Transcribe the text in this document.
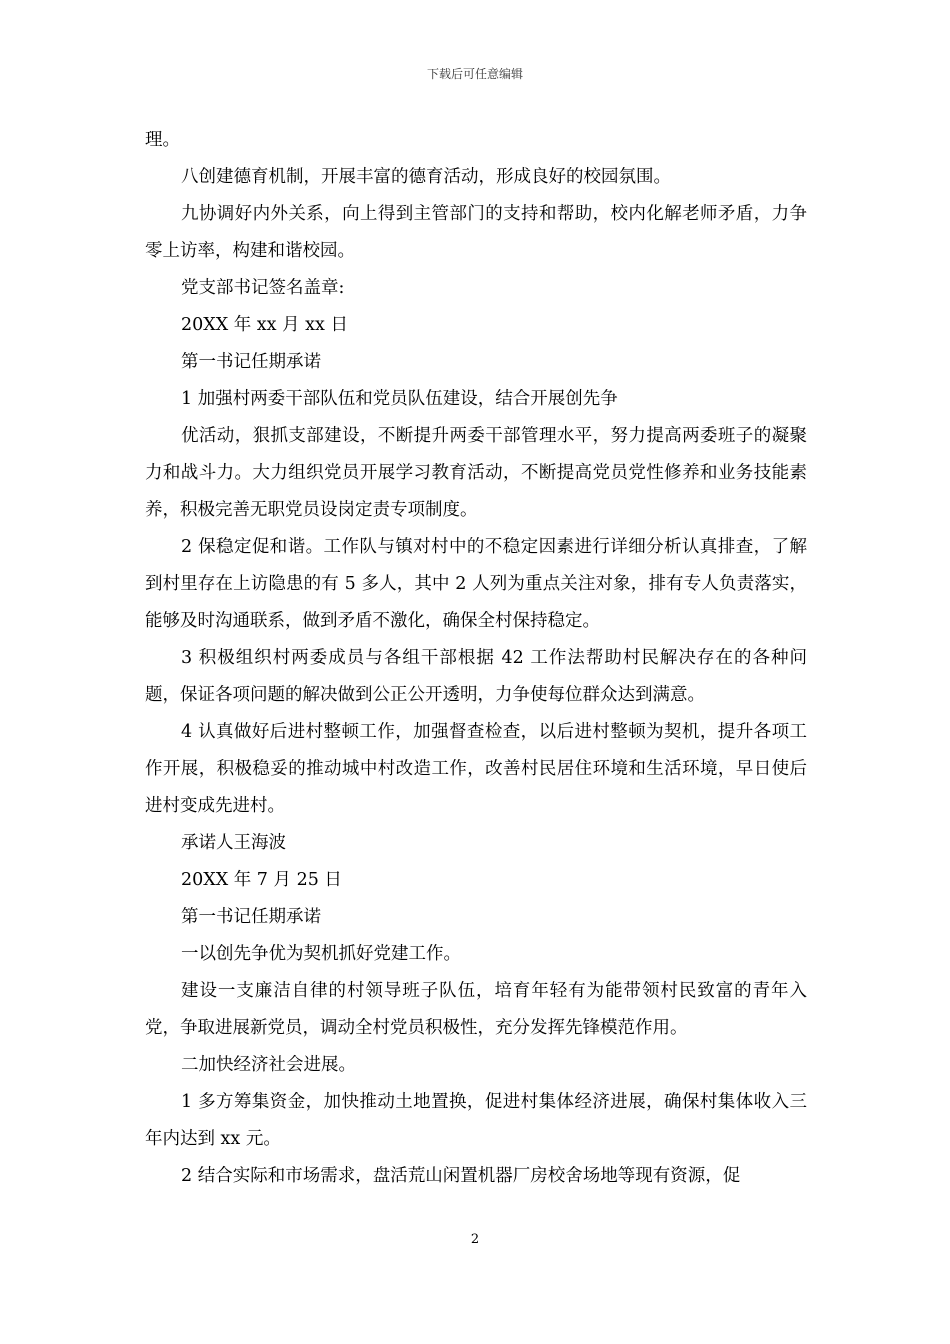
下载后可任意编辑

理。

八创建德育机制，开展丰富的德育活动，形成良好的校园氛围。

九协调好内外关系，向上得到主管部门的支持和帮助，校内化解老师矛盾，力争零上访率，构建和谐校园。

党支部书记签名盖章:

20XX 年 xx 月 xx 日

第一书记任期承诺

1 加强村两委干部队伍和党员队伍建设，结合开展创先争

优活动，狠抓支部建设，不断提升两委干部管理水平，努力提高两委班子的凝聚力和战斗力。大力组织党员开展学习教育活动，不断提高党员党性修养和业务技能素养，积极完善无职党员设岗定责专项制度。

2 保稳定促和谐。工作队与镇对村中的不稳定因素进行详细分析认真排查，了解到村里存在上访隐患的有 5 多人，其中 2 人列为重点关注对象，排有专人负责落实，能够及时沟通联系，做到矛盾不激化，确保全村保持稳定。

3 积极组织村两委成员与各组干部根据 42 工作法帮助村民解决存在的各种问题，保证各项问题的解决做到公正公开透明，力争使每位群众达到满意。

4 认真做好后进村整顿工作，加强督查检查，以后进村整顿为契机，提升各项工作开展，积极稳妥的推动城中村改造工作，改善村民居住环境和生活环境，早日使后进村变成先进村。

承诺人王海波

20XX 年 7 月 25 日

第一书记任期承诺

一以创先争优为契机抓好党建工作。

建设一支廉洁自律的村领导班子队伍，培育年轻有为能带领村民致富的青年入党，争取进展新党员，调动全村党员积极性，充分发挥先锋模范作用。

二加快经济社会进展。

1 多方筹集资金，加快推动土地置换，促进村集体经济进展，确保村集体收入三年内达到 xx 元。

2 结合实际和市场需求，盘活荒山闲置机器厂房校舍场地等现有资源，促

2
